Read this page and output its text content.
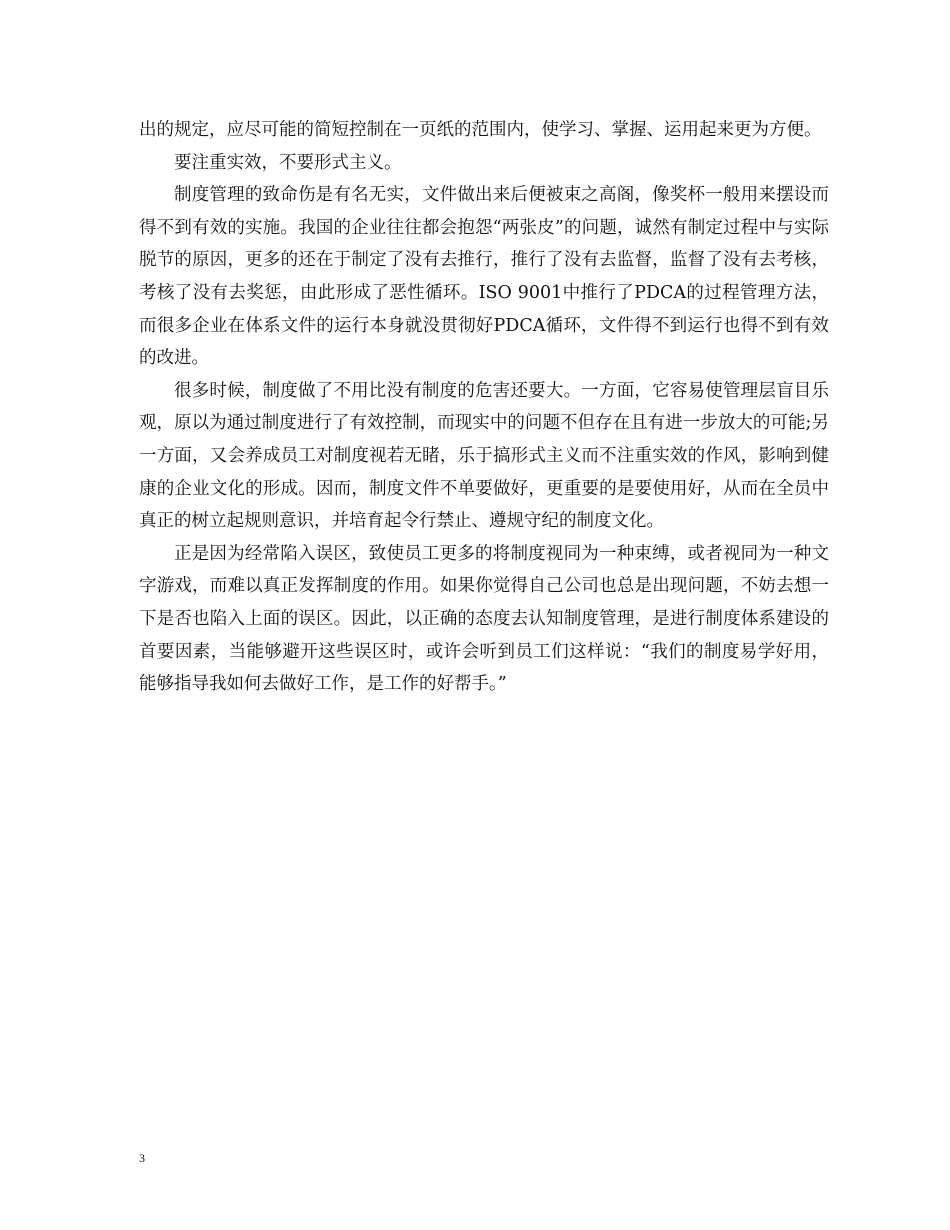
出的规定，应尽可能的简短控制在一页纸的范围内，使学习、掌握、运用起来更为方便。

要注重实效，不要形式主义。

制度管理的致命伤是有名无实，文件做出来后便被束之高阁，像奖杯一般用来摆设而得不到有效的实施。我国的企业往往都会抱怨“两张皮”的问题，诚然有制定过程中与实际脱节的原因，更多的还在于制定了没有去推行，推行了没有去监督，监督了没有去考核，考核了没有去奖惩，由此形成了恶性循环。ISO 9001中推行了PDCA的过程管理方法，而很多企业在体系文件的运行本身就没贯彻好PDCA循环，文件得不到运行也得不到有效的改进。

很多时候，制度做了不用比没有制度的危害还要大。一方面，它容易使管理层盲目乐观，原以为通过制度进行了有效控制，而现实中的问题不但存在且有进一步放大的可能;另一方面，又会养成员工对制度视若无睹，乐于搞形式主义而不注重实效的作风，影响到健康的企业文化的形成。因而，制度文件不单要做好，更重要的是要使用好，从而在全员中真正的树立起规则意识，并培育起令行禁止、遵规守纪的制度文化。

正是因为经常陷入误区，致使员工更多的将制度视同为一种束缚，或者视同为一种文字游戏，而难以真正发挥制度的作用。如果你觉得自己公司也总是出现问题，不妨去想一下是否也陷入上面的误区。因此，以正确的态度去认知制度管理，是进行制度体系建设的首要因素，当能够避开这些误区时，或许会听到员工们这样说：“我们的制度易学好用，能够指导我如何去做好工作，是工作的好帮手。”

3
